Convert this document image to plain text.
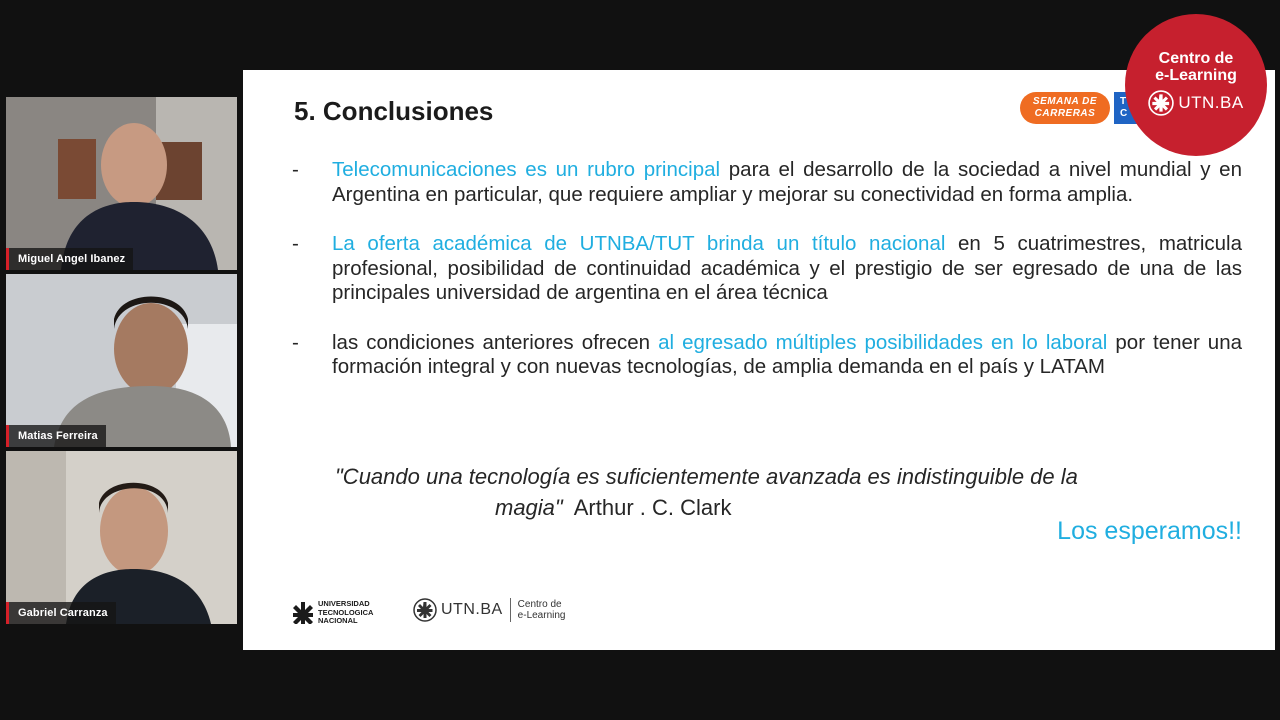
Miguel Angel Ibanez
Matias Ferreira
Gabriel Carranza
5. Conclusiones	SEMANA DE
CARRERAS
T
C
-	Telecomunicaciones es un rubro principal para el desarrollo de la sociedad a nivel mundial y en Argentina en particular, que requiere ampliar y mejorar su conectividad en forma amplia.
-	La oferta académica de UTNBA/TUT brinda un título nacional en 5 cuatrimestres, matricula profesional, posibilidad de continuidad académica y el prestigio de ser egresado de una de las principales universidad de argentina en el área técnica
-	las condiciones anteriores ofrecen al egresado múltiples posibilidades en lo laboral por tener una formación integral y con nuevas tecnologías, de amplia demanda en el país y LATAM
"Cuando una tecnología es suficientemente avanzada es indistinguible de la
magia"  Arthur . C. Clark
Los esperamos!!
UNIVERSIDAD
TECNOLOGICA
NACIONAL
UTN.BA Centro de
e-Learning
Centro de
e-Learning
UTN.BA
